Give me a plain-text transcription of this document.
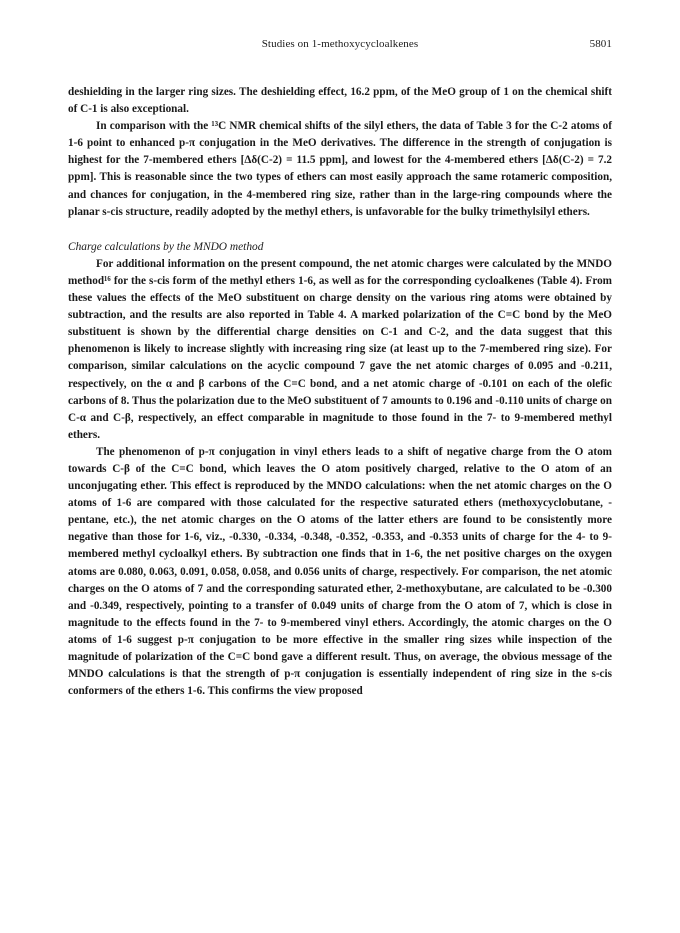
Studies on 1-methoxycycloalkenes	5801

deshielding in the larger ring sizes. The deshielding effect, 16.2 ppm, of the MeO group of 1 on the chemical shift of C-1 is also exceptional.

In comparison with the ¹³C NMR chemical shifts of the silyl ethers, the data of Table 3 for the C-2 atoms of 1-6 point to enhanced p-π conjugation in the MeO derivatives. The difference in the strength of conjugation is highest for the 7-membered ethers [Δδ(C-2) = 11.5 ppm], and lowest for the 4-membered ethers [Δδ(C-2) = 7.2 ppm]. This is reasonable since the two types of ethers can most easily approach the same rotameric composition, and chances for conjugation, in the 4-membered ring size, rather than in the large-ring compounds where the planar s-cis structure, readily adopted by the methyl ethers, is unfavorable for the bulky trimethylsilyl ethers.

Charge calculations by the MNDO method

For additional information on the present compound, the net atomic charges were calculated by the MNDO method¹⁶ for the s-cis form of the methyl ethers 1-6, as well as for the corresponding cycloalkenes (Table 4). From these values the effects of the MeO substituent on charge density on the various ring atoms were obtained by subtraction, and the results are also reported in Table 4. A marked polarization of the C=C bond by the MeO substituent is shown by the differential charge densities on C-1 and C-2, and the data suggest that this phenomenon is likely to increase slightly with increasing ring size (at least up to the 7-membered ring size). For comparison, similar calculations on the acyclic compound 7 gave the net atomic charges of 0.095 and -0.211, respectively, on the α and β carbons of the C=C bond, and a net atomic charge of -0.101 on each of the olefic carbons of 8. Thus the polarization due to the MeO substituent of 7 amounts to 0.196 and -0.110 units of charge on C-α and C-β, respectively, an effect comparable in magnitude to those found in the 7- to 9-membered methyl ethers.

The phenomenon of p-π conjugation in vinyl ethers leads to a shift of negative charge from the O atom towards C-β of the C=C bond, which leaves the O atom positively charged, relative to the O atom of an unconjugating ether. This effect is reproduced by the MNDO calculations: when the net atomic charges on the O atoms of 1-6 are compared with those calculated for the respective saturated ethers (methoxycyclobutane, -pentane, etc.), the net atomic charges on the O atoms of the latter ethers are found to be consistently more negative than those for 1-6, viz., -0.330, -0.334, -0.348, -0.352, -0.353, and -0.353 units of charge for the 4- to 9-membered methyl cycloalkyl ethers. By subtraction one finds that in 1-6, the net positive charges on the oxygen atoms are 0.080, 0.063, 0.091, 0.058, 0.058, and 0.056 units of charge, respectively. For comparison, the net atomic charges on the O atoms of 7 and the corresponding saturated ether, 2-methoxybutane, are calculated to be -0.300 and -0.349, respectively, pointing to a transfer of 0.049 units of charge from the O atom of 7, which is close in magnitude to the effects found in the 7- to 9-membered vinyl ethers. Accordingly, the atomic charges on the O atoms of 1-6 suggest p-π conjugation to be more effective in the smaller ring sizes while inspection of the magnitude of polarization of the C=C bond gave a different result. Thus, on average, the obvious message of the MNDO calculations is that the strength of p-π conjugation is essentially independent of ring size in the s-cis conformers of the ethers 1-6. This confirms the view proposed
